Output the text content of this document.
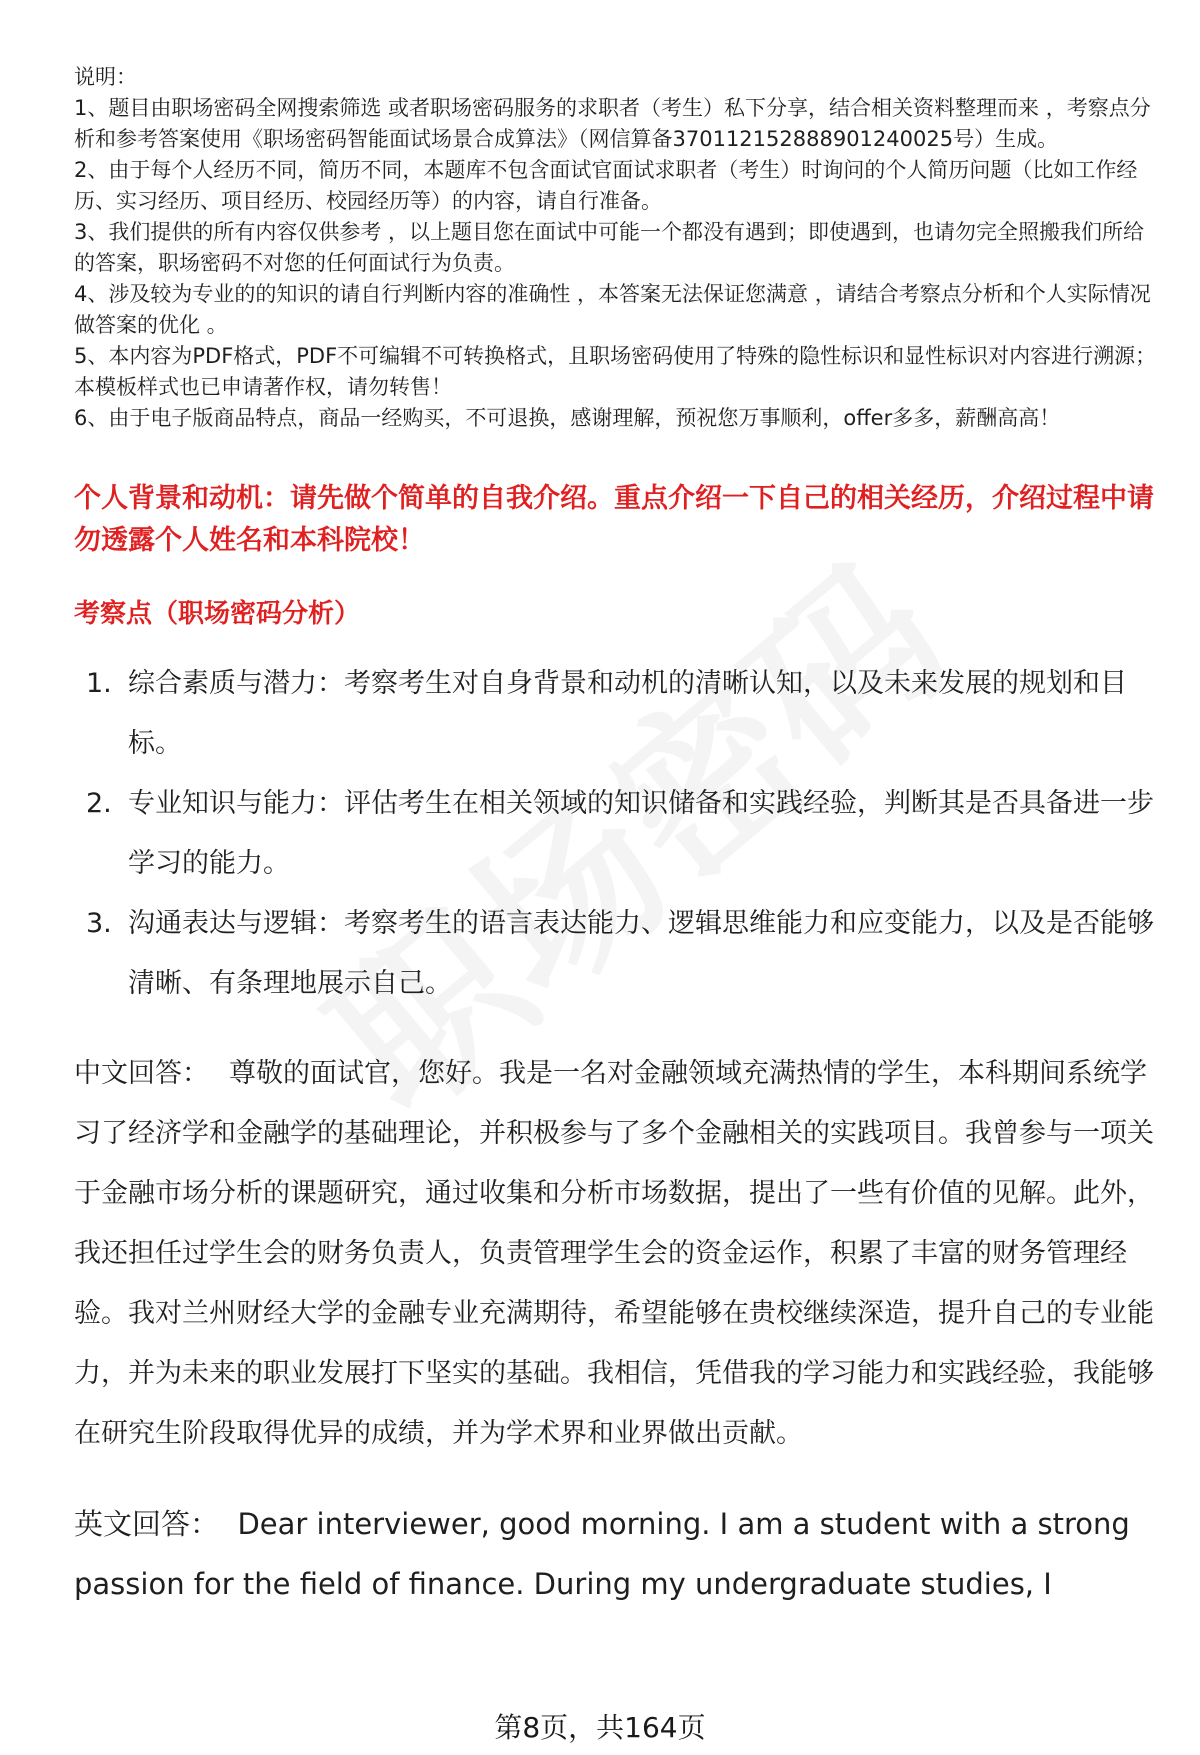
说明：

1、题目由职场密码全网搜索筛选 或者职场密码服务的求职者（考生）私下分享，结合相关资料整理而来 ，考察点分析和参考答案使用《职场密码智能面试场景合成算法》（网信算备370112152888901240025号）生成。

2、由于每个人经历不同，简历不同，本题库不包含面试官面试求职者（考生）时询问的个人简历问题（比如工作经历、实习经历、项目经历、校园经历等）的内容，请自行准备。

3、我们提供的所有内容仅供参考 ，以上题目您在面试中可能一个都没有遇到；即使遇到，也请勿完全照搬我们所给的答案，职场密码不对您的任何面试行为负责。

4、涉及较为专业的的知识的请自行判断内容的准确性 ，本答案无法保证您满意 ，请结合考察点分析和个人实际情况做答案的优化 。

5、本内容为PDF格式，PDF不可编辑不可转换格式，且职场密码使用了特殊的隐性标识和显性标识对内容进行溯源；本模板样式也已申请著作权，请勿转售！

6、由于电子版商品特点，商品一经购买，不可退换，感谢理解，预祝您万事顺利，offer多多，薪酬高高！

个人背景和动机：请先做个简单的自我介绍。重点介绍一下自己的相关经历，介绍过程中请勿透露个人姓名和本科院校！

考察点（职场密码分析）

1. 综合素质与潜力：考察考生对自身背景和动机的清晰认知，以及未来发展的规划和目标。
2. 专业知识与能力：评估考生在相关领域的知识储备和实践经验，判断其是否具备进一步学习的能力。
3. 沟通表达与逻辑：考察考生的语言表达能力、逻辑思维能力和应变能力，以及是否能够清晰、有条理地展示自己。

中文回答： 尊敬的面试官，您好。我是一名对金融领域充满热情的学生，本科期间系统学习了经济学和金融学的基础理论，并积极参与了多个金融相关的实践项目。我曾参与一项关于金融市场分析的课题研究，通过收集和分析市场数据，提出了一些有价值的见解。此外，我还担任过学生会的财务负责人，负责管理学生会的资金运作，积累了丰富的财务管理经验。我对兰州财经大学的金融专业充满期待，希望能够在贵校继续深造，提升自己的专业能力，并为未来的职业发展打下坚实的基础。我相信，凭借我的学习能力和实践经验，我能够在研究生阶段取得优异的成绩，并为学术界和业界做出贡献。

英文回答： Dear interviewer, good morning. I am a student with a strong passion for the field of finance. During my undergraduate studies, I

第8页，共164页
